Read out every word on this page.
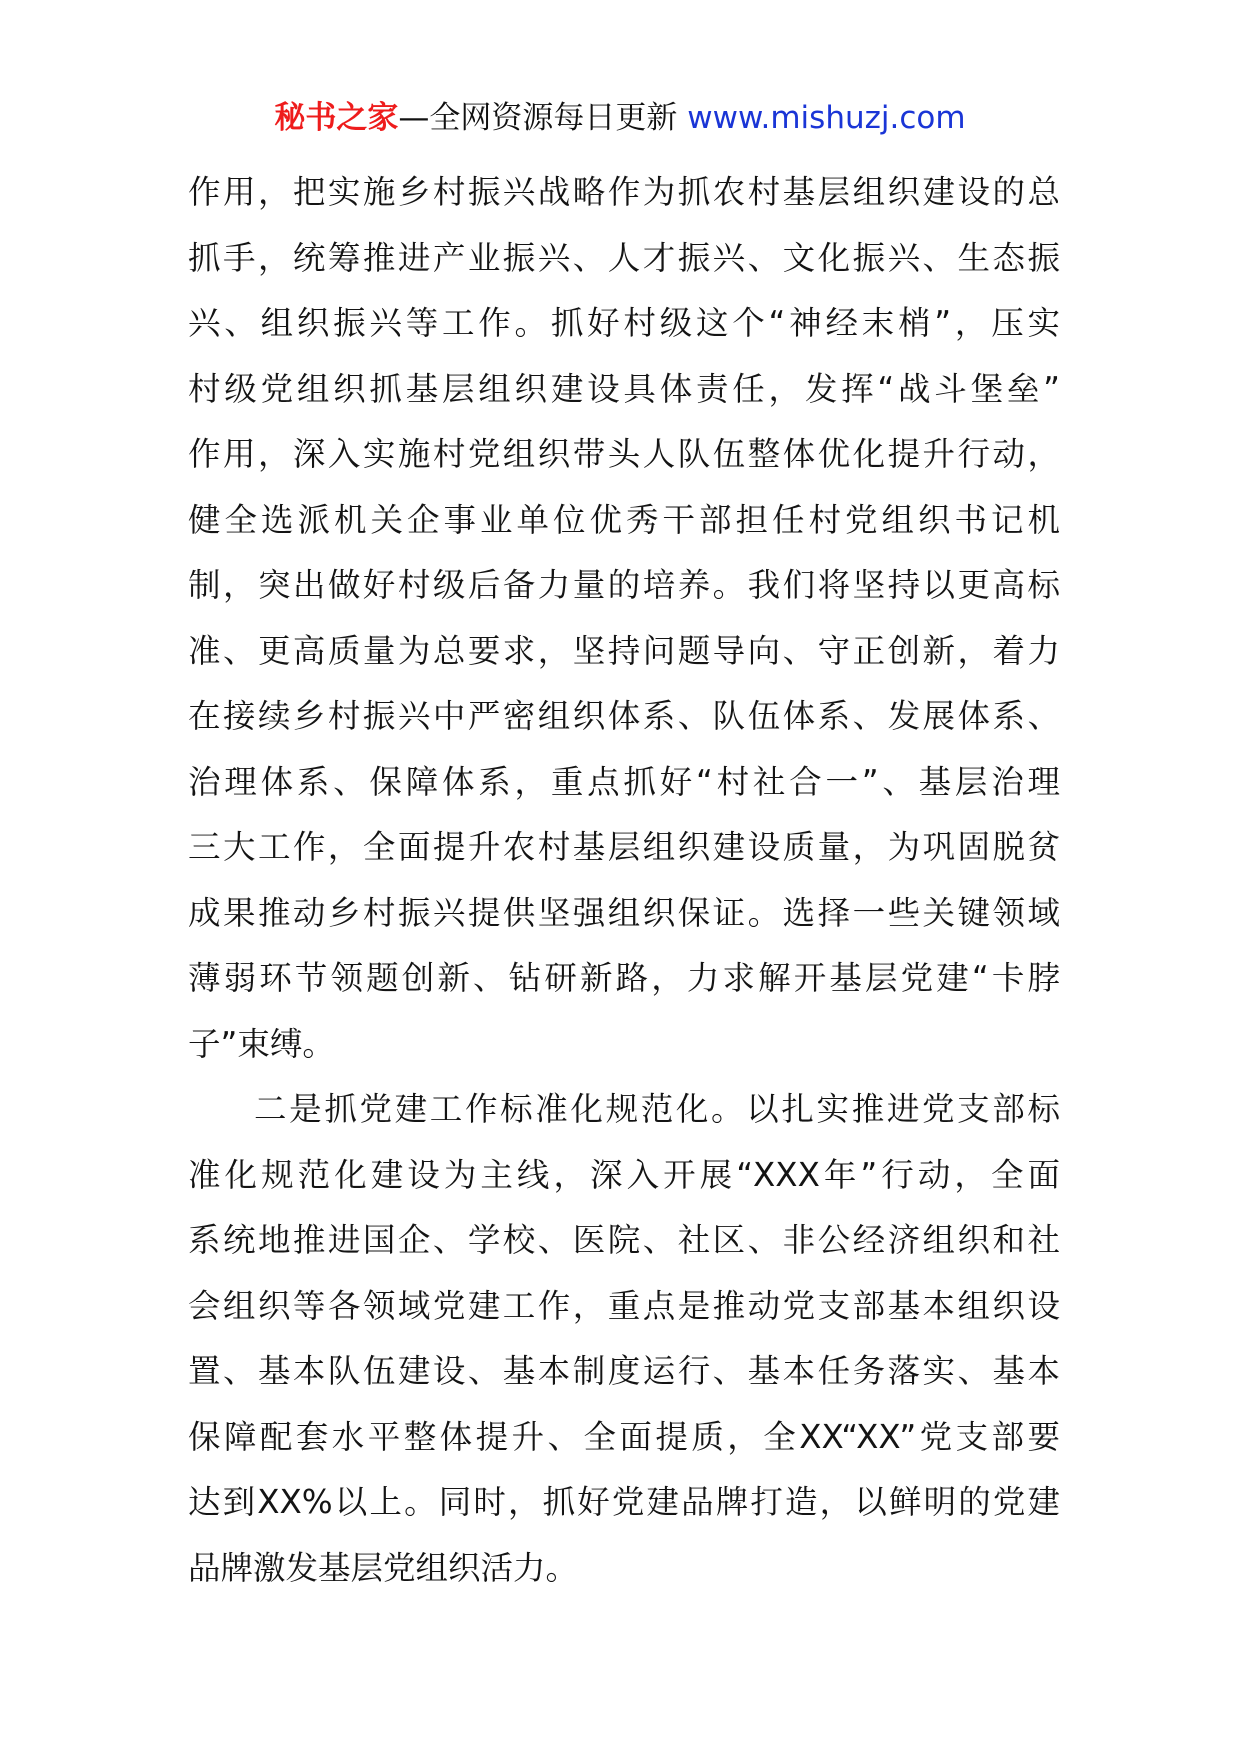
秘书之家—全网资源每日更新 www.mishuzj.com
作用，把实施乡村振兴战略作为抓农村基层组织建设的总
抓手，统筹推进产业振兴、人才振兴、文化振兴、生态振
兴、组织振兴等工作。抓好村级这个“神经末梢”，压实
村级党组织抓基层组织建设具体责任，发挥“战斗堡垒”
作用，深入实施村党组织带头人队伍整体优化提升行动，
健全选派机关企事业单位优秀干部担任村党组织书记机
制，突出做好村级后备力量的培养。我们将坚持以更高标
准、更高质量为总要求，坚持问题导向、守正创新，着力
在接续乡村振兴中严密组织体系、队伍体系、发展体系、
治理体系、保障体系，重点抓好“村社合一”、基层治理
三大工作，全面提升农村基层组织建设质量，为巩固脱贫
成果推动乡村振兴提供坚强组织保证。选择一些关键领域
薄弱环节领题创新、钻研新路，力求解开基层党建“卡脖
子”束缚。
二是抓党建工作标准化规范化。以扎实推进党支部标
准化规范化建设为主线，深入开展“XXX年”行动，全面
系统地推进国企、学校、医院、社区、非公经济组织和社
会组织等各领域党建工作，重点是推动党支部基本组织设
置、基本队伍建设、基本制度运行、基本任务落实、基本
保障配套水平整体提升、全面提质，全XX“XX”党支部要
达到XX%以上。同时，抓好党建品牌打造，以鲜明的党建
品牌激发基层党组织活力。
